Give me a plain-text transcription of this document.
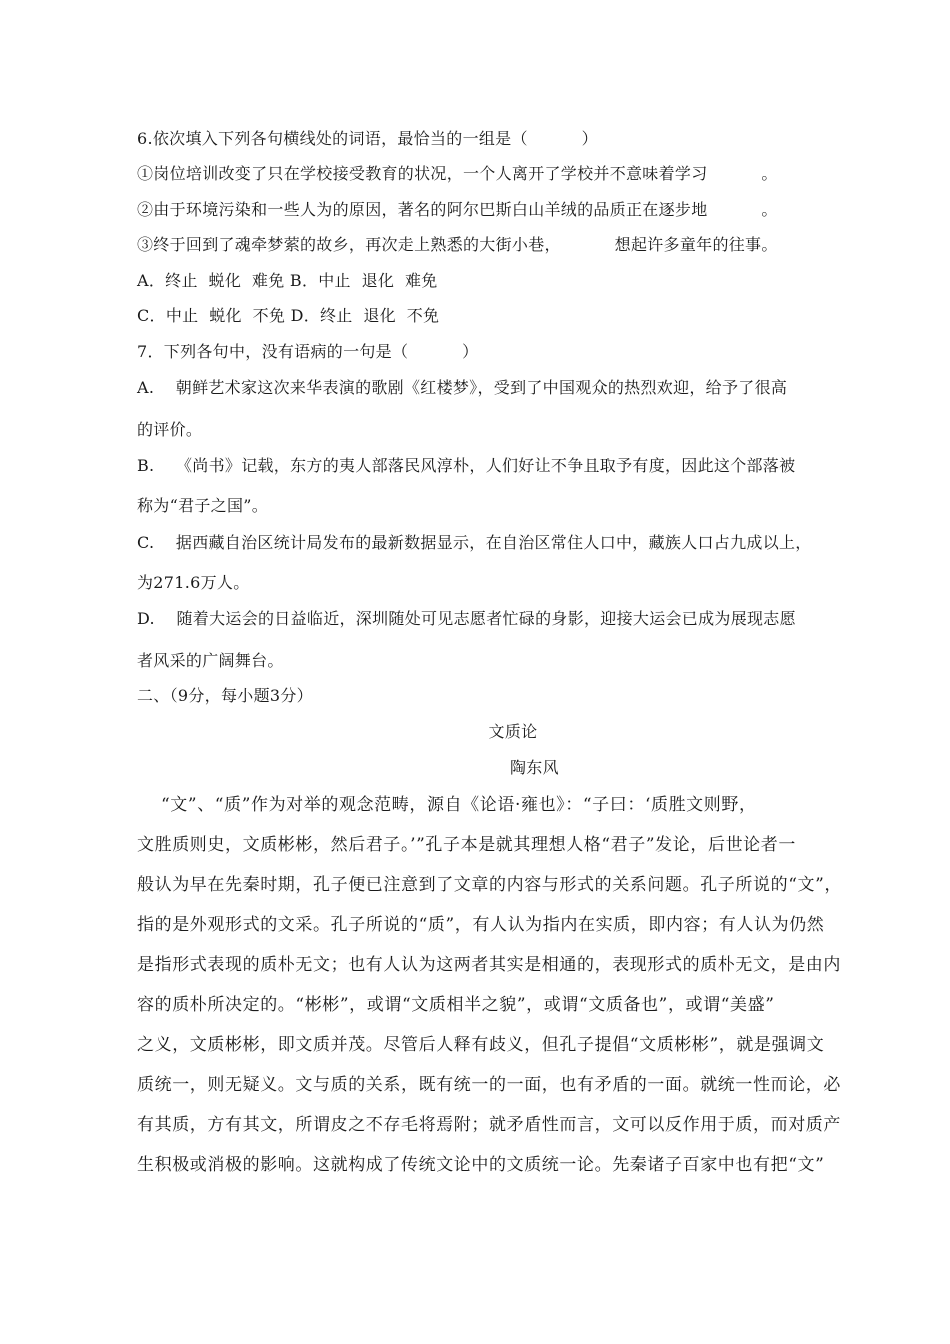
6.依次填入下列各句横线处的词语，最恰当的一组是（          ）
①岗位培训改变了只在学校接受教育的状况，一个人离开了学校并不意味着学习          。
②由于环境污染和一些人为的原因，著名的阿尔巴斯白山羊绒的品质正在逐步地          。
③终于回到了魂牵梦萦的故乡，再次走上熟悉的大街小巷，          想起许多童年的往事。
A．终止  蜕化  难免 B．中止  退化  难免
C．中止  蜕化  不免 D．终止  退化  不免
7．下列各句中，没有语病的一句是（          ）
A.    朝鲜艺术家这次来华表演的歌剧《红楼梦》，受到了中国观众的热烈欢迎，给予了很高
的评价。
B.    《尚书》记载，东方的夷人部落民风淳朴，人们好让不争且取予有度，因此这个部落被
称为“君子之国”。
C.    据西藏自治区统计局发布的最新数据显示，在自治区常住人口中，藏族人口占九成以上，
为271.6万人。
D.    随着大运会的日益临近，深圳随处可见志愿者忙碌的身影，迎接大运会已成为展现志愿
者风采的广阔舞台。
二、（9分，每小题3分）
文质论
陶东风
“文”、“质”作为对举的观念范畴，源自《论语·雍也》：“子曰：‘质胜文则野，
文胜质则史，文质彬彬，然后君子。’”孔子本是就其理想人格“君子”发论，后世论者一
般认为早在先秦时期，孔子便已注意到了文章的内容与形式的关系问题。孔子所说的“文”，
指的是外观形式的文采。孔子所说的“质”，有人认为指内在实质，即内容；有人认为仍然
是指形式表现的质朴无文；也有人认为这两者其实是相通的，表现形式的质朴无文，是由内
容的质朴所决定的。“彬彬”，或谓“文质相半之貌”，或谓“文质备也”，或谓“美盛”
之义，文质彬彬，即文质并茂。尽管后人释有歧义，但孔子提倡“文质彬彬”，就是强调文
质统一，则无疑义。文与质的关系，既有统一的一面，也有矛盾的一面。就统一性而论，必
有其质，方有其文，所谓皮之不存毛将焉附；就矛盾性而言，文可以反作用于质，而对质产
生积极或消极的影响。这就构成了传统文论中的文质统一论。先秦诸子百家中也有把“文”
